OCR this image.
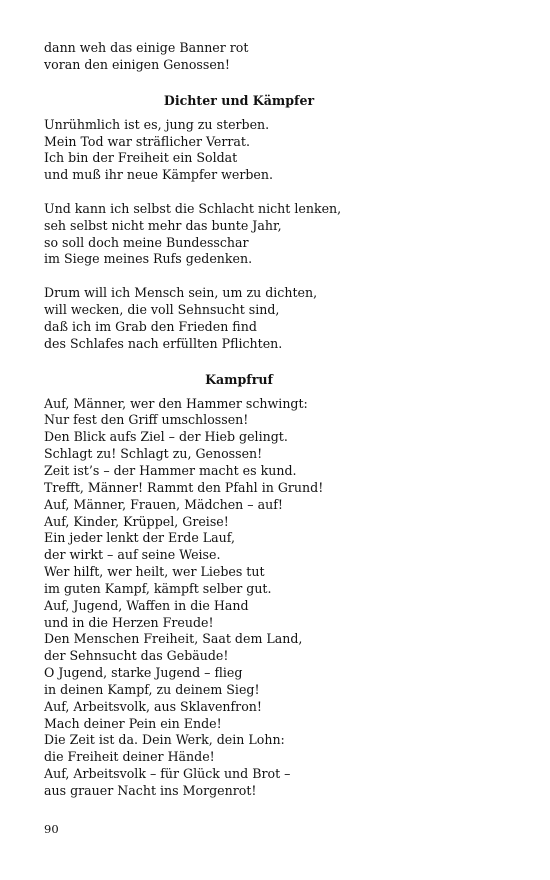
dann weh das einige Banner rot
voran den einigen Genossen!
Dichter und Kämpfer
Unrühmlich ist es, jung zu sterben.
Mein Tod war sträflicher Verrat.
Ich bin der Freiheit ein Soldat
und muß ihr neue Kämpfer werben.
Und kann ich selbst die Schlacht nicht lenken,
seh selbst nicht mehr das bunte Jahr,
so soll doch meine Bundesschar
im Siege meines Rufs gedenken.
Drum will ich Mensch sein, um zu dichten,
will wecken, die voll Sehnsucht sind,
daß ich im Grab den Frieden find
des Schlafes nach erfüllten Pflichten.
Kampfruf
Auf, Männer, wer den Hammer schwingt:
Nur fest den Griff umschlossen!
Den Blick aufs Ziel – der Hieb gelingt.
Schlagt zu! Schlagt zu, Genossen!
Zeit ist’s – der Hammer macht es kund.
Trefft, Männer! Rammt den Pfahl in Grund!
Auf, Männer, Frauen, Mädchen – auf!
Auf, Kinder, Krüppel, Greise!
Ein jeder lenkt der Erde Lauf,
der wirkt – auf seine Weise.
Wer hilft, wer heilt, wer Liebes tut
im guten Kampf, kämpft selber gut.
Auf, Jugend, Waffen in die Hand
und in die Herzen Freude!
Den Menschen Freiheit, Saat dem Land,
der Sehnsucht das Gebäude!
O Jugend, starke Jugend – flieg
in deinen Kampf, zu deinem Sieg!
Auf, Arbeitsvolk, aus Sklavenfron!
Mach deiner Pein ein Ende!
Die Zeit ist da. Dein Werk, dein Lohn:
die Freiheit deiner Hände!
Auf, Arbeitsvolk – für Glück und Brot –
aus grauer Nacht ins Morgenrot!
90
